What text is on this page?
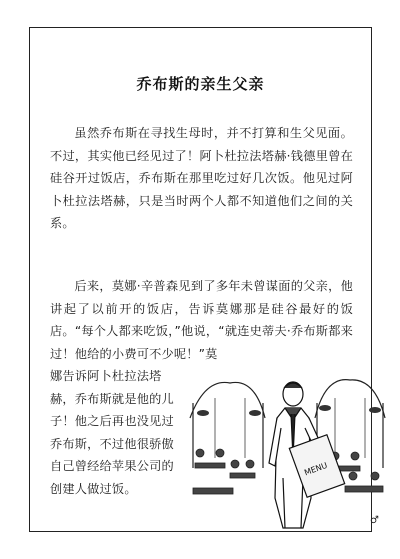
乔布斯的亲生父亲

虽然乔布斯在寻找生母时，并不打算和生父见面。不过，其实他已经见过了！阿卜杜拉法塔赫·钱德里曾在硅谷开过饭店，乔布斯在那里吃过好几次饭。他见过阿卜杜拉法塔赫，只是当时两个人都不知道他们之间的关系。

后来，莫娜·辛普森见到了多年未曾谋面的父亲，他讲起了以前开的饭店，告诉莫娜那是硅谷最好的饭店。“每个人都来吃饭，”他说，“就连史蒂夫·乔布斯都来过！他给的小费可不少呢！”莫

娜告诉阿卜杜拉法塔赫，乔布斯就是他的儿子！他之后再也没见过乔布斯，不过他很骄傲自己曾经给苹果公司的创建人做过饭。

MENU
♂
